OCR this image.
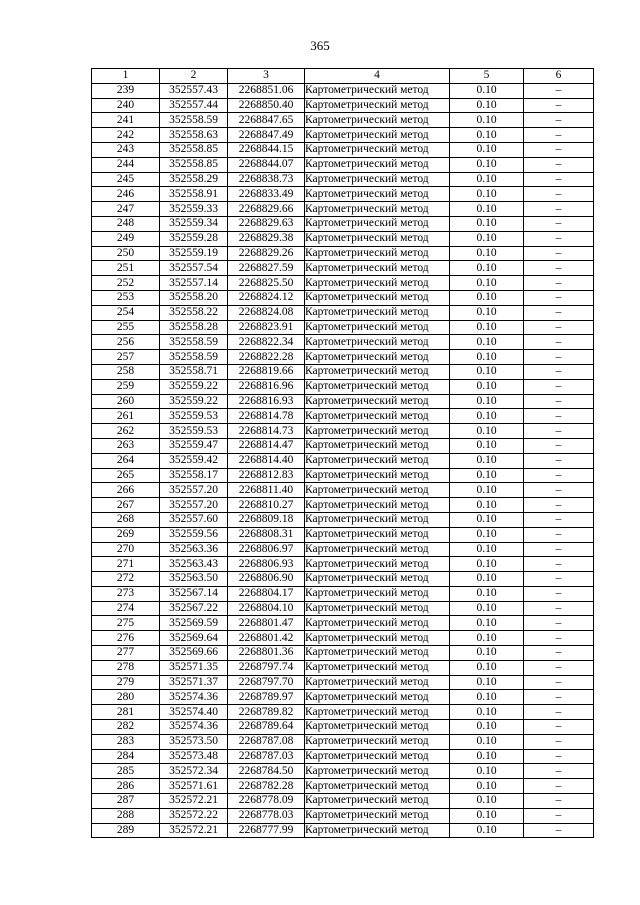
365
1	2	3	4	5	6
239	352557.43	2268851.06	Картометрический метод	0.10	–
240	352557.44	2268850.40	Картометрический метод	0.10	–
241	352558.59	2268847.65	Картометрический метод	0.10	–
242	352558.63	2268847.49	Картометрический метод	0.10	–
243	352558.85	2268844.15	Картометрический метод	0.10	–
244	352558.85	2268844.07	Картометрический метод	0.10	–
245	352558.29	2268838.73	Картометрический метод	0.10	–
246	352558.91	2268833.49	Картометрический метод	0.10	–
247	352559.33	2268829.66	Картометрический метод	0.10	–
248	352559.34	2268829.63	Картометрический метод	0.10	–
249	352559.28	2268829.38	Картометрический метод	0.10	–
250	352559.19	2268829.26	Картометрический метод	0.10	–
251	352557.54	2268827.59	Картометрический метод	0.10	–
252	352557.14	2268825.50	Картометрический метод	0.10	–
253	352558.20	2268824.12	Картометрический метод	0.10	–
254	352558.22	2268824.08	Картометрический метод	0.10	–
255	352558.28	2268823.91	Картометрический метод	0.10	–
256	352558.59	2268822.34	Картометрический метод	0.10	–
257	352558.59	2268822.28	Картометрический метод	0.10	–
258	352558.71	2268819.66	Картометрический метод	0.10	–
259	352559.22	2268816.96	Картометрический метод	0.10	–
260	352559.22	2268816.93	Картометрический метод	0.10	–
261	352559.53	2268814.78	Картометрический метод	0.10	–
262	352559.53	2268814.73	Картометрический метод	0.10	–
263	352559.47	2268814.47	Картометрический метод	0.10	–
264	352559.42	2268814.40	Картометрический метод	0.10	–
265	352558.17	2268812.83	Картометрический метод	0.10	–
266	352557.20	2268811.40	Картометрический метод	0.10	–
267	352557.20	2268810.27	Картометрический метод	0.10	–
268	352557.60	2268809.18	Картометрический метод	0.10	–
269	352559.56	2268808.31	Картометрический метод	0.10	–
270	352563.36	2268806.97	Картометрический метод	0.10	–
271	352563.43	2268806.93	Картометрический метод	0.10	–
272	352563.50	2268806.90	Картометрический метод	0.10	–
273	352567.14	2268804.17	Картометрический метод	0.10	–
274	352567.22	2268804.10	Картометрический метод	0.10	–
275	352569.59	2268801.47	Картометрический метод	0.10	–
276	352569.64	2268801.42	Картометрический метод	0.10	–
277	352569.66	2268801.36	Картометрический метод	0.10	–
278	352571.35	2268797.74	Картометрический метод	0.10	–
279	352571.37	2268797.70	Картометрический метод	0.10	–
280	352574.36	2268789.97	Картометрический метод	0.10	–
281	352574.40	2268789.82	Картометрический метод	0.10	–
282	352574.36	2268789.64	Картометрический метод	0.10	–
283	352573.50	2268787.08	Картометрический метод	0.10	–
284	352573.48	2268787.03	Картометрический метод	0.10	–
285	352572.34	2268784.50	Картометрический метод	0.10	–
286	352571.61	2268782.28	Картометрический метод	0.10	–
287	352572.21	2268778.09	Картометрический метод	0.10	–
288	352572.22	2268778.03	Картометрический метод	0.10	–
289	352572.21	2268777.99	Картометрический метод	0.10	–
